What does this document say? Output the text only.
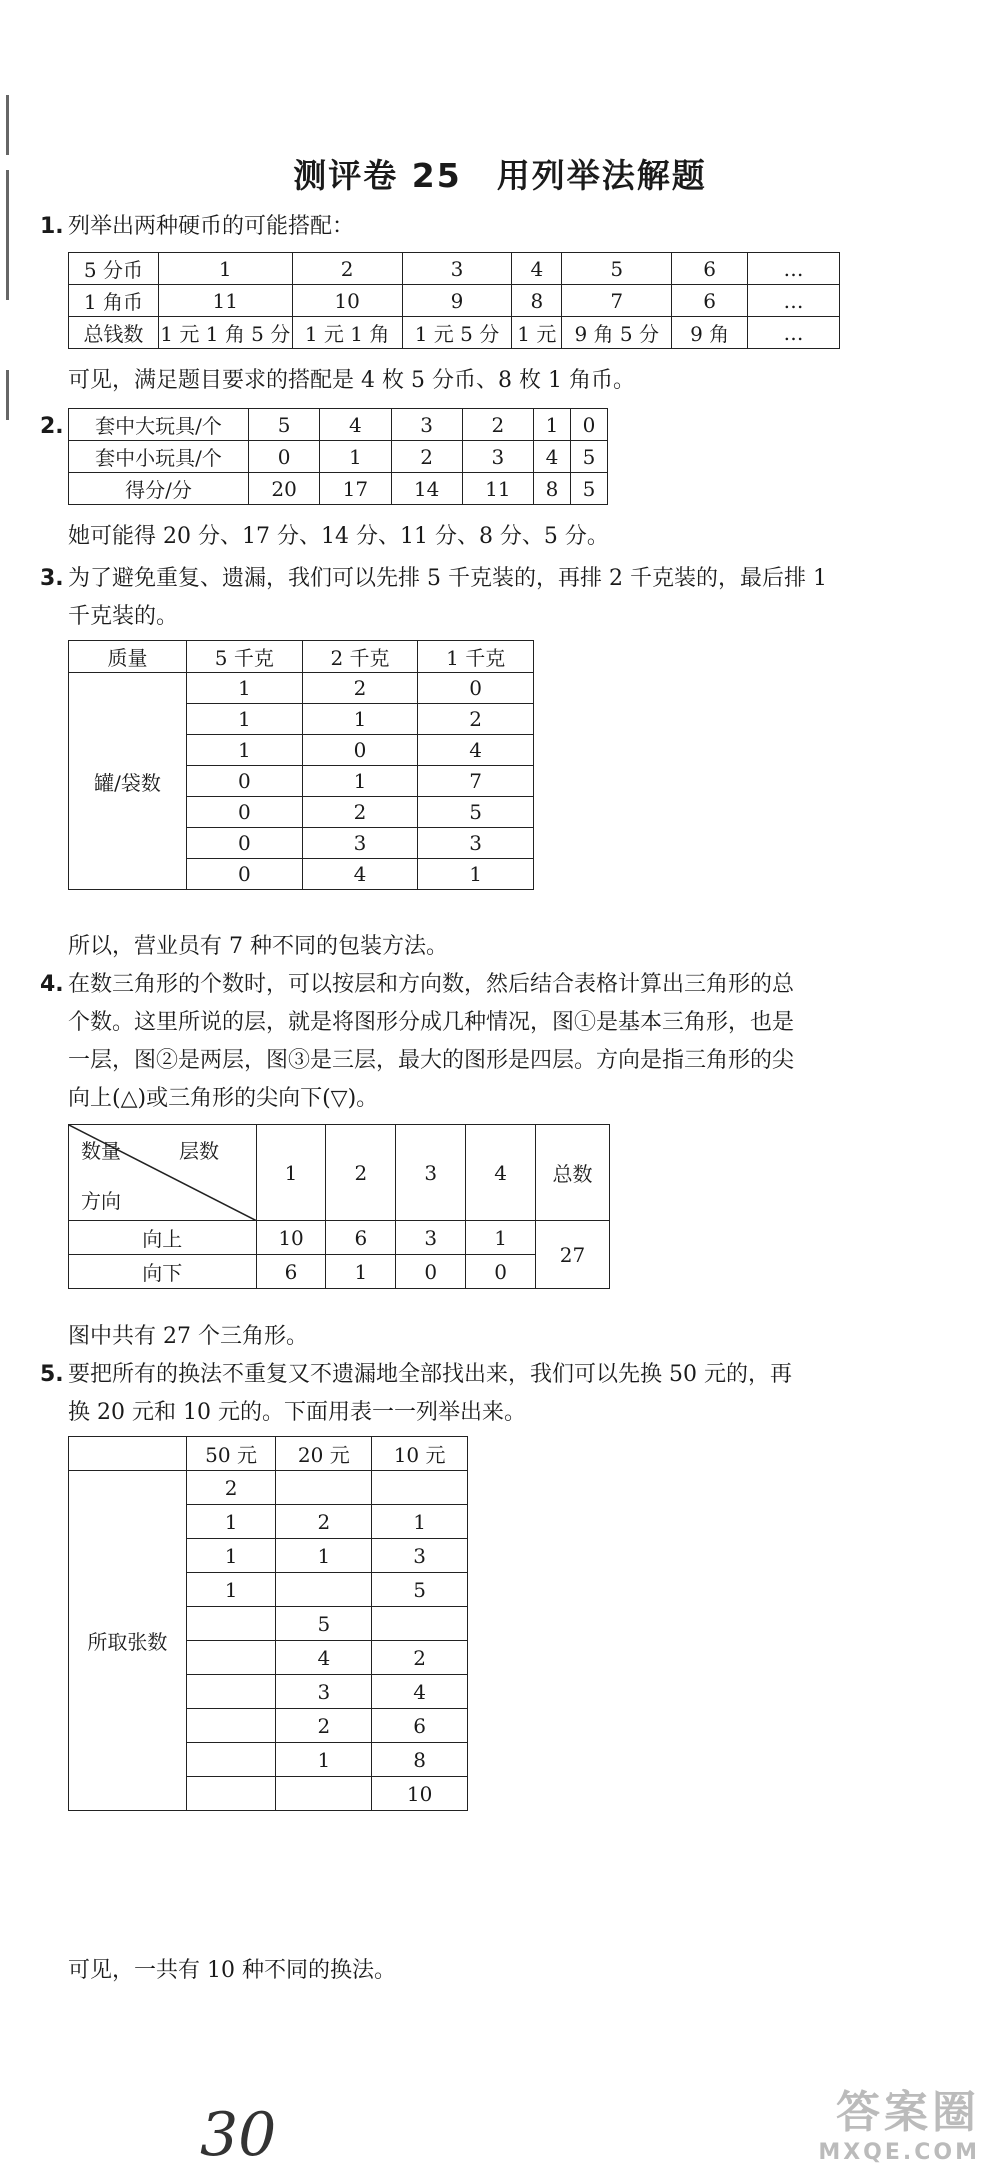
测评卷 25　用列举法解题
1. 列举出两种硬币的可能搭配：
5 分币	1	2	3	4	5	6	…
1 角币	11	10	9	8	7	6	…
总钱数	1 元 1 角 5 分	1 元 1 角	1 元 5 分	1 元	9 角 5 分	9 角	…
可见，满足题目要求的搭配是 4 枚 5 分币、8 枚 1 角币。
2.	套中大玩具/个	5	4	3	2	1	0
套中小玩具/个	0	1	2	3	4	5
得分/分	20	17	14	11	8	5
她可能得 20 分、17 分、14 分、11 分、8 分、5 分。
3. 为了避免重复、遗漏，我们可以先排 5 千克装的，再排 2 千克装的，最后排 1
千克装的。
质量	5 千克	2 千克	1 千克
罐/袋数	1	2	0
	1	1	2
	1	0	4
	0	1	7
	0	2	5
	0	3	3
	0	4	1
所以，营业员有 7 种不同的包装方法。
4. 在数三角形的个数时，可以按层和方向数，然后结合表格计算出三角形的总
个数。这里所说的层，就是将图形分成几种情况，图①是基本三角形，也是
一层，图②是两层，图③是三层，最大的图形是四层。方向是指三角形的尖
向上(△)或三角形的尖向下(▽)。
数量 层数
方向	1	2	3	4	总数
向上	10	6	3	1	27
向下	6	1	0	0	
图中共有 27 个三角形。
5. 要把所有的换法不重复又不遗漏地全部找出来，我们可以先换 50 元的，再
换 20 元和 10 元的。下面用表一一列举出来。
	50 元	20 元	10 元
所取张数	2		
	1	2	1
	1	1	3
	1		5
		5	
		4	2
		3	4
		2	6
		1	8
			10
可见，一共有 10 种不同的换法。
30	答案圈
MXQE.COM
